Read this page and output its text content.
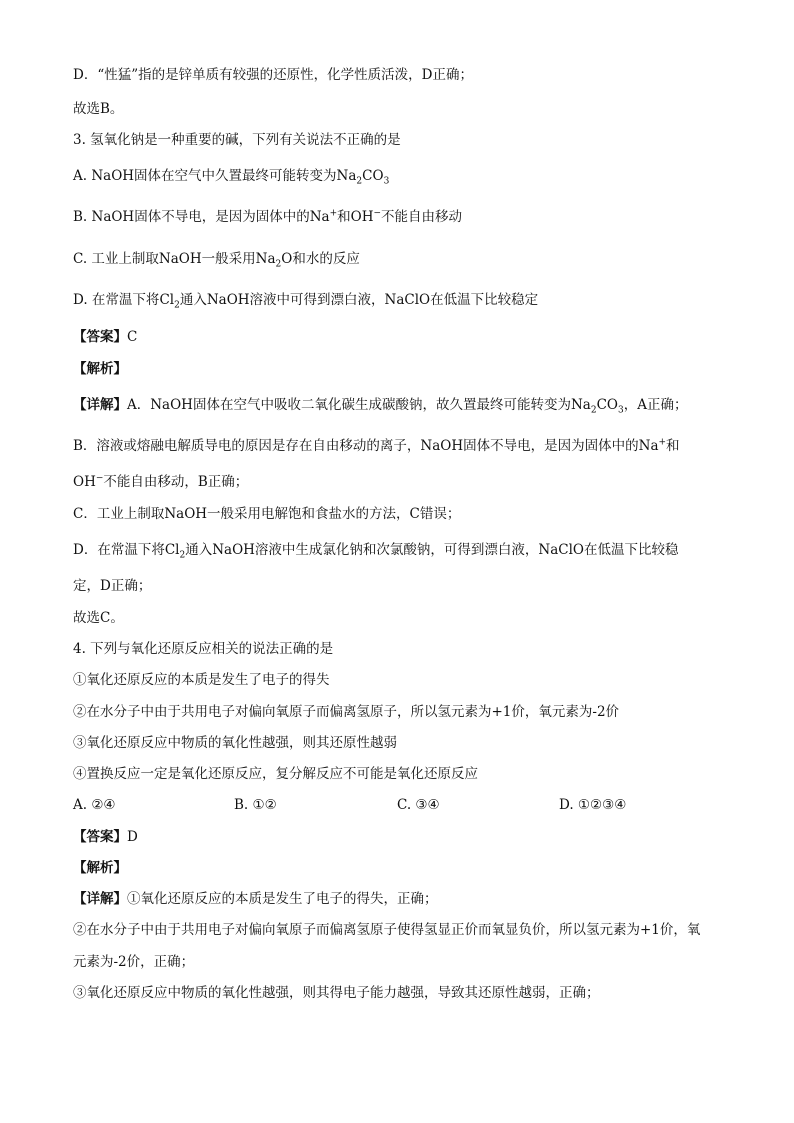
D．“性猛”指的是锌单质有较强的还原性，化学性质活泼，D正确；
故选B。
3. 氢氧化钠是一种重要的碱，下列有关说法不正确的是
A. NaOH固体在空气中久置最终可能转变为$Na_2CO_3$
B. NaOH固体不导电，是因为固体中的Na+和OH−不能自由移动
C. 工业上制取NaOH一般采用$Na_2O$和水的反应
D. 在常温下将$Cl_2$通入NaOH溶液中可得到漂白液，NaClO在低温下比较稳定
【答案】C
【解析】
【详解】A．NaOH固体在空气中吸收二氧化碳生成碳酸钠，故久置最终可能转变为$Na_2CO_3$，A正确；
B．溶液或熔融电解质导电的原因是存在自由移动的离子，NaOH固体不导电，是因为固体中的Na+和
OH−不能自由移动，B正确；
C．工业上制取NaOH一般采用电解饱和食盐水的方法，C错误；
D．在常温下将$Cl_2$通入NaOH溶液中生成氯化钠和次氯酸钠，可得到漂白液，NaClO在低温下比较稳
定，D正确；
故选C。
4. 下列与氧化还原反应相关的说法正确的是
①氧化还原反应的本质是发生了电子的得失
②在水分子中由于共用电子对偏向氧原子而偏离氢原子，所以氢元素为+1价，氧元素为-2价
③氧化还原反应中物质的氧化性越强，则其还原性越弱
④置换反应一定是氧化还原反应，复分解反应不可能是氧化还原反应
A. ②④	B. ①②	C. ③④	D. ①②③④
【答案】D
【解析】
【详解】①氧化还原反应的本质是发生了电子的得失，正确；
②在水分子中由于共用电子对偏向氧原子而偏离氢原子使得氢显正价而氧显负价，所以氢元素为+1价，氧
元素为-2价，正确；
③氧化还原反应中物质的氧化性越强，则其得电子能力越强，导致其还原性越弱，正确；
